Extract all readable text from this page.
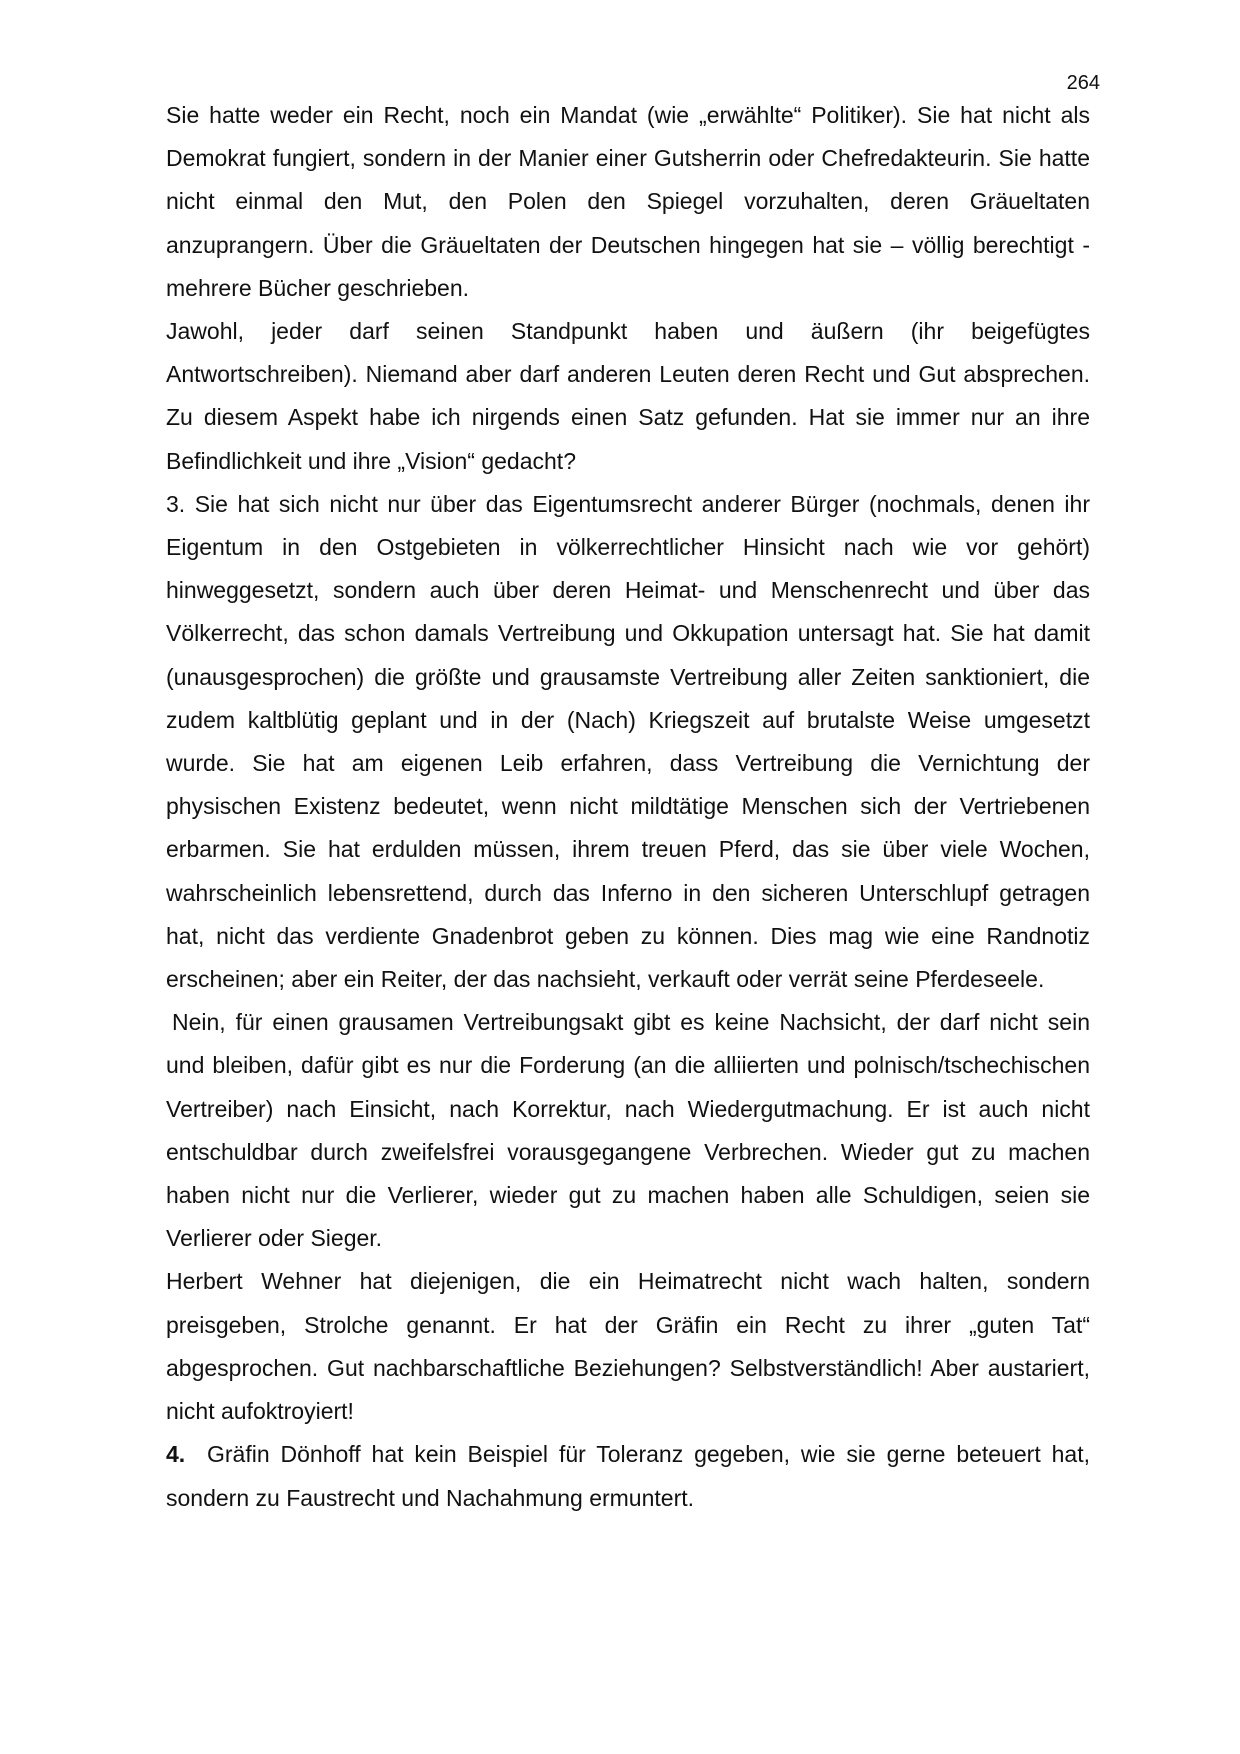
264

Sie hatte weder ein Recht, noch ein Mandat (wie „erwählte“ Politiker). Sie hat nicht als Demokrat fungiert, sondern in der Manier einer Gutsherrin oder Chefredakteurin. Sie hatte nicht einmal den Mut, den Polen den Spiegel vorzuhalten, deren Gräueltaten anzuprangern. Über die Gräueltaten der Deutschen hingegen hat sie – völlig berechtigt - mehrere Bücher geschrieben.

Jawohl, jeder darf seinen Standpunkt haben und äußern (ihr beigefügtes Antwortschreiben). Niemand aber darf anderen Leuten deren Recht und Gut absprechen. Zu diesem Aspekt habe ich nirgends einen Satz gefunden. Hat sie immer nur an ihre Befindlichkeit und ihre „Vision“ gedacht?

3. Sie hat sich nicht nur über das Eigentumsrecht anderer Bürger (nochmals, denen ihr Eigentum in den Ostgebieten in völkerrechtlicher Hinsicht nach wie vor gehört) hinweggesetzt, sondern auch über deren Heimat- und Menschenrecht und über das Völkerrecht, das schon damals Vertreibung und Okkupation untersagt hat. Sie hat damit (unausgesprochen) die größte und grausamste Vertreibung aller Zeiten sanktioniert, die zudem kaltblütig geplant und in der (Nach) Kriegszeit auf brutalste Weise umgesetzt wurde. Sie hat am eigenen Leib erfahren, dass Vertreibung die Vernichtung der physischen Existenz bedeutet, wenn nicht mildtätige Menschen sich der Vertriebenen erbarmen. Sie hat erdulden müssen, ihrem treuen Pferd, das sie über viele Wochen, wahrscheinlich lebensrettend, durch das Inferno in den sicheren Unterschlupf getragen hat, nicht das verdiente Gnadenbrot geben zu können. Dies mag wie eine Randnotiz erscheinen; aber ein Reiter, der das nachsieht, verkauft oder verrät seine Pferdeseele.

Nein, für einen grausamen Vertreibungsakt gibt es keine Nachsicht, der darf nicht sein und bleiben, dafür gibt es nur die Forderung (an die alliierten und polnisch/tschechischen Vertreiber) nach Einsicht, nach Korrektur, nach Wiedergutmachung. Er ist auch nicht entschuldbar durch zweifelsfrei vorausgegangene Verbrechen. Wieder gut zu machen haben nicht nur die Verlierer, wieder gut zu machen haben alle Schuldigen, seien sie Verlierer oder Sieger.

Herbert Wehner hat diejenigen, die ein Heimatrecht nicht wach halten, sondern preisgeben, Strolche genannt. Er hat der Gräfin ein Recht zu ihrer „guten Tat“ abgesprochen. Gut nachbarschaftliche Beziehungen? Selbstverständlich! Aber austariert, nicht aufoktroyiert!

4. Gräfin Dönhoff hat kein Beispiel für Toleranz gegeben, wie sie gerne beteuert hat, sondern zu Faustrecht und Nachahmung ermuntert.
